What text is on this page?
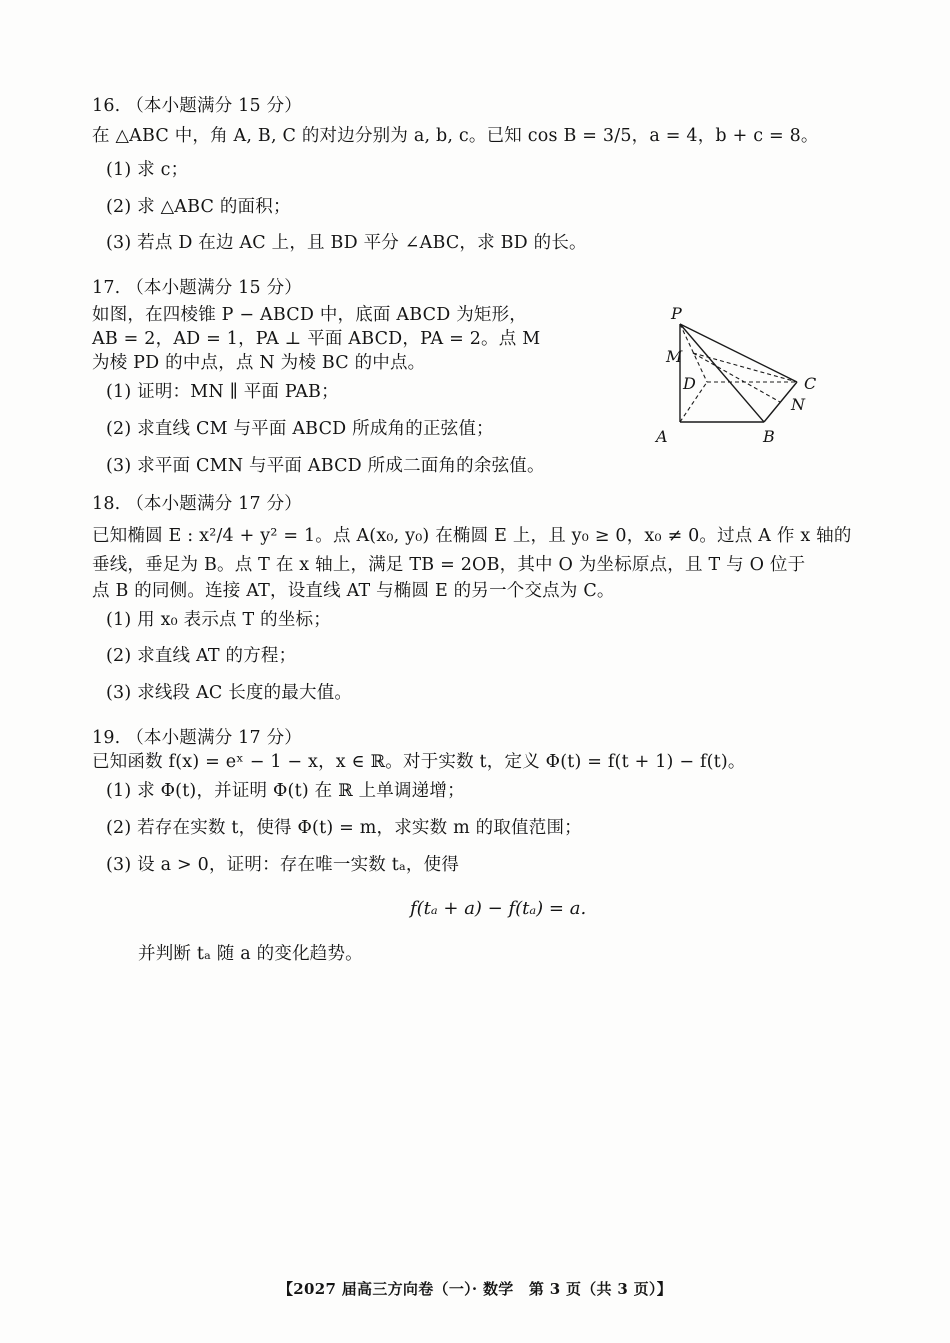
16. （本小题满分 15 分）
在 △ABC 中，角 A, B, C 的对边分别为 a, b, c。已知 cos B = 3/5，a = 4，b + c = 8。
(1) 求 c；
(2) 求 △ABC 的面积；
(3) 若点 D 在边 AC 上，且 BD 平分 ∠ABC，求 BD 的长。
17. （本小题满分 15 分）
如图，在四棱锥 P − ABCD 中，底面 ABCD 为矩形，
AB = 2，AD = 1，PA ⊥ 平面 ABCD，PA = 2。点 M
为棱 PD 的中点，点 N 为棱 BC 的中点。
(1) 证明：MN ∥ 平面 PAB；
(2) 求直线 CM 与平面 ABCD 所成角的正弦值；
(3) 求平面 CMN 与平面 ABCD 所成二面角的余弦值。
P
M
D	C
N
A	B
18. （本小题满分 17 分）
已知椭圆 E : x²/4 + y² = 1。点 A(x₀, y₀) 在椭圆 E 上，且 y₀ ≥ 0，x₀ ≠ 0。过点 A 作 x 轴的
垂线，垂足为 B。点 T 在 x 轴上，满足 TB = 2OB，其中 O 为坐标原点，且 T 与 O 位于
点 B 的同侧。连接 AT，设直线 AT 与椭圆 E 的另一个交点为 C。
(1) 用 x₀ 表示点 T 的坐标；
(2) 求直线 AT 的方程；
(3) 求线段 AC 长度的最大值。
19. （本小题满分 17 分）
已知函数 f(x) = eˣ − 1 − x，x ∈ ℝ。对于实数 t，定义 Φ(t) = f(t + 1) − f(t)。
(1) 求 Φ(t)，并证明 Φ(t) 在 ℝ 上单调递增；
(2) 若存在实数 t，使得 Φ(t) = m，求实数 m 的取值范围；
(3) 设 a > 0，证明：存在唯一实数 tₐ，使得
f(tₐ + a) − f(tₐ) = a.
并判断 tₐ 随 a 的变化趋势。
【2027 届高三方向卷（一）· 数学　第 3 页（共 3 页）】
